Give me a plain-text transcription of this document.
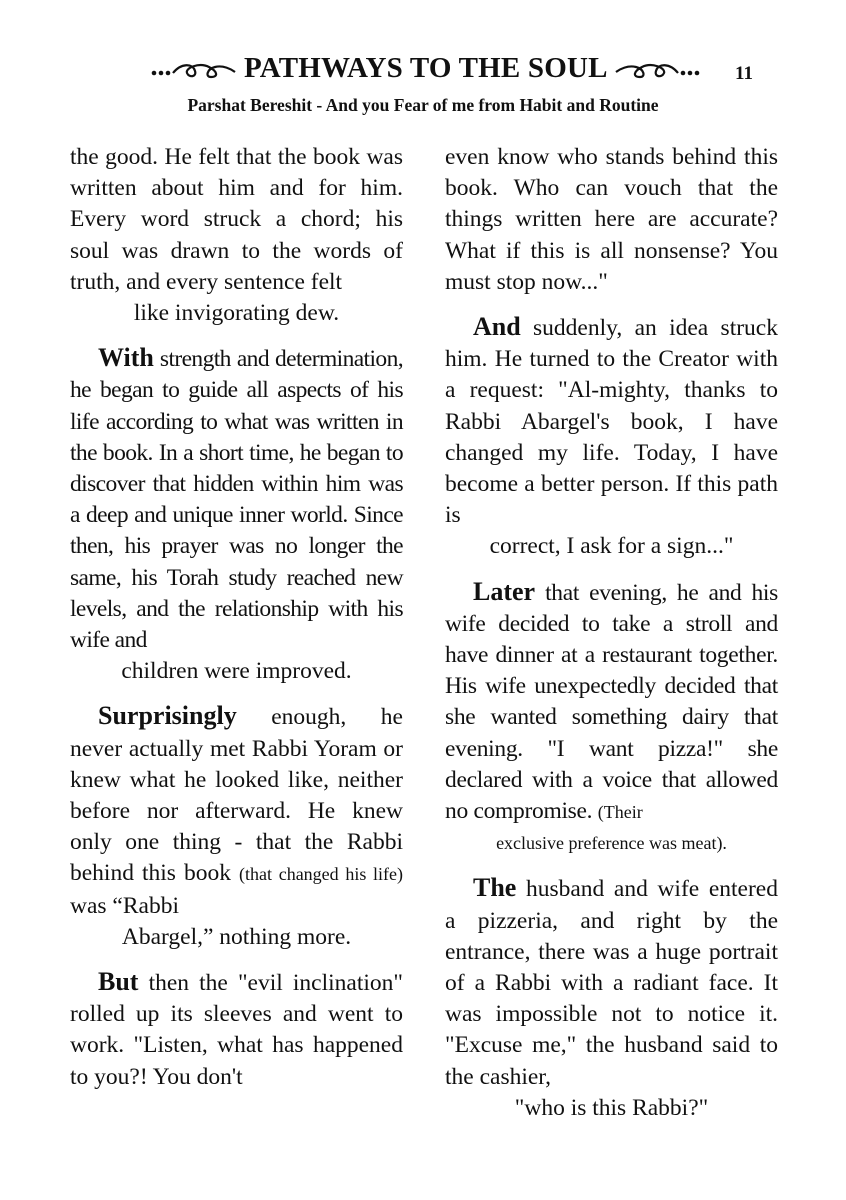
PATHWAYS TO THE SOUL	11
Parshat Bereshit - And you Fear of me from Habit and Routine

the good. He felt that the book was written about him and for him. Every word struck a chord; his soul was drawn to the words of truth, and every sentence felt
like invigorating dew.

With strength and determination, he began to guide all aspects of his life according to what was written in the book. In a short time, he began to discover that hidden within him was a deep and unique inner world. Since then, his prayer was no longer the same, his Torah study reached new levels, and the relationship with his wife and
children were improved.

Surprisingly enough, he never actually met Rabbi Yoram or knew what he looked like, neither before nor afterward. He knew only one thing - that the Rabbi behind this book (that changed his life) was “Rabbi
Abargel,” nothing more.

But then the "evil inclination" rolled up its sleeves and went to work. "Listen, what has happened to you?! You don't

even know who stands behind this book. Who can vouch that the things written here are accurate? What if this is all nonsense? You must stop now..."

And suddenly, an idea struck him. He turned to the Creator with a request: "Al-mighty, thanks to Rabbi Abargel's book, I have changed my life. Today, I have become a better person. If this path is
correct, I ask for a sign..."

Later that evening, he and his wife decided to take a stroll and have dinner at a restaurant together. His wife unexpectedly decided that she wanted something dairy that evening. "I want pizza!" she declared with a voice that allowed no compromise. (Their
exclusive preference was meat).

The husband and wife entered a pizzeria, and right by the entrance, there was a huge portrait of a Rabbi with a radiant face. It was impossible not to notice it. "Excuse me," the husband said to the cashier,
"who is this Rabbi?"
